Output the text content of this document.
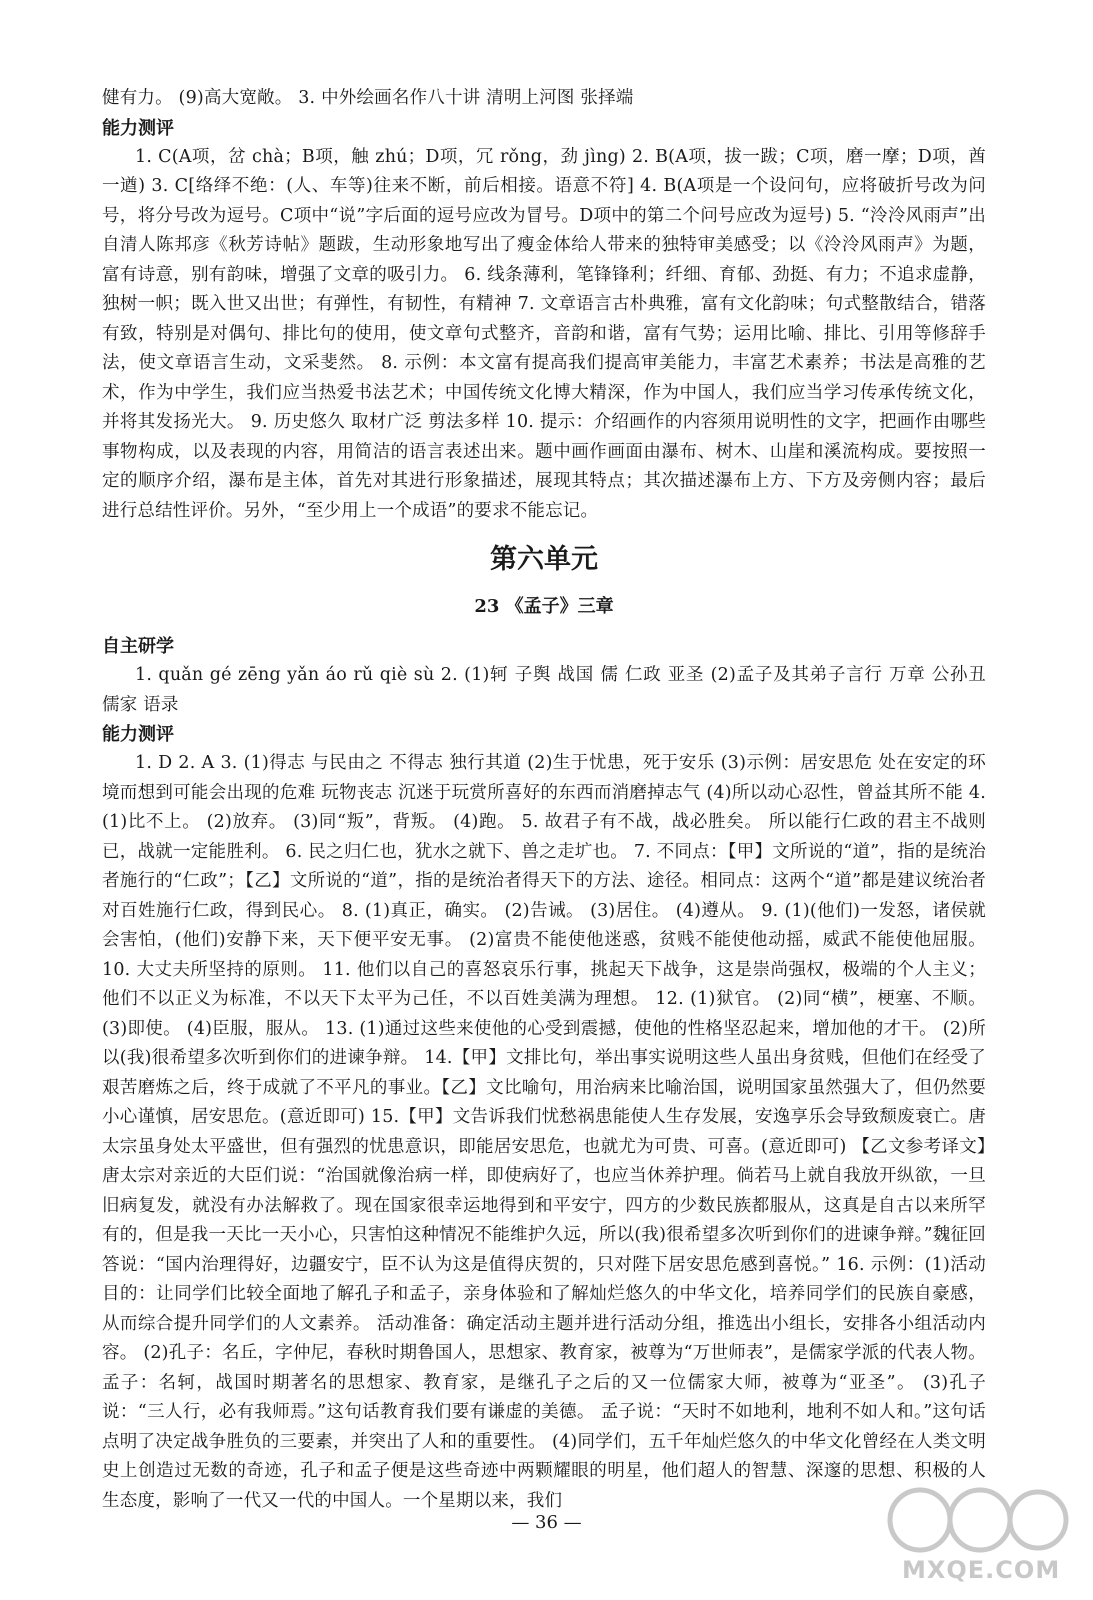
健有力。 (9)高大宽敞。 3. 中外绘画名作八十讲 清明上河图 张择端

能力测评

1. C(A项，岔 chà；B项，触 zhú；D项，冗 rǒng，劲 jìng) 2. B(A项，拔一跋；C项，磨一摩；D项，酋一遒) 3. C[络绎不绝：(人、车等)往来不断，前后相接。语意不符] 4. B(A项是一个设问句，应将破折号改为问号，将分号改为逗号。C项中“说”字后面的逗号应改为冒号。D项中的第二个问号应改为逗号) 5. “泠泠风雨声”出自清人陈邦彦《秋芳诗帖》题跋，生动形象地写出了瘦金体给人带来的独特审美感受；以《泠泠风雨声》为题，富有诗意，别有韵味，增强了文章的吸引力。 6. 线条薄利，笔锋锋利；纤细、育郁、劲挺、有力；不追求虚静，独树一帜；既入世又出世；有弹性，有韧性，有精神 7. 文章语言古朴典雅，富有文化韵味；句式整散结合，错落有致，特别是对偶句、排比句的使用，使文章句式整齐，音韵和谐，富有气势；运用比喻、排比、引用等修辞手法，使文章语言生动，文采斐然。 8. 示例：本文富有提高我们提高审美能力，丰富艺术素养；书法是高雅的艺术，作为中学生，我们应当热爱书法艺术；中国传统文化博大精深，作为中国人，我们应当学习传承传统文化，并将其发扬光大。 9. 历史悠久 取材广泛 剪法多样 10. 提示：介绍画作的内容须用说明性的文字，把画作由哪些事物构成，以及表现的内容，用简洁的语言表述出来。题中画作画面由瀑布、树木、山崖和溪流构成。要按照一定的顺序介绍，瀑布是主体，首先对其进行形象描述，展现其特点；其次描述瀑布上方、下方及旁侧内容；最后进行总结性评价。另外，“至少用上一个成语”的要求不能忘记。

第六单元
23 《孟子》三章

自主研学

1. quǎn gé zēng yǎn áo rǔ qiè sù 2. (1)轲 子舆 战国 儒 仁政 亚圣 (2)孟子及其弟子言行 万章 公孙丑 儒家 语录

能力测评

1. D 2. A 3. (1)得志 与民由之 不得志 独行其道 (2)生于忧患，死于安乐 (3)示例：居安思危 处在安定的环境而想到可能会出现的危难 玩物丧志 沉迷于玩赏所喜好的东西而消磨掉志气 (4)所以动心忍性，曾益其所不能 4. (1)比不上。 (2)放弃。 (3)同“叛”，背叛。 (4)跑。 5. 故君子有不战，战必胜矣。 所以能行仁政的君主不战则已，战就一定能胜利。 6. 民之归仁也，犹水之就下、兽之走圹也。 7. 不同点：【甲】文所说的“道”，指的是统治者施行的“仁政”；【乙】文所说的“道”，指的是统治者得天下的方法、途径。相同点：这两个“道”都是建议统治者对百姓施行仁政，得到民心。 8. (1)真正，确实。 (2)告诫。 (3)居住。 (4)遵从。 9. (1)(他们)一发怒，诸侯就会害怕，(他们)安静下来，天下便平安无事。 (2)富贵不能使他迷惑，贫贱不能使他动摇，威武不能使他屈服。 10. 大丈夫所坚持的原则。 11. 他们以自己的喜怒哀乐行事，挑起天下战争，这是崇尚强权，极端的个人主义；他们不以正义为标准，不以天下太平为己任，不以百姓美满为理想。 12. (1)狱官。 (2)同“横”，梗塞、不顺。 (3)即使。 (4)臣服，服从。 13. (1)通过这些来使他的心受到震撼，使他的性格坚忍起来，增加他的才干。 (2)所以(我)很希望多次听到你们的进谏争辩。 14.【甲】文排比句，举出事实说明这些人虽出身贫贱，但他们在经受了艰苦磨炼之后，终于成就了不平凡的事业。【乙】文比喻句，用治病来比喻治国，说明国家虽然强大了，但仍然要小心谨慎，居安思危。(意近即可) 15.【甲】文告诉我们忧愁祸患能使人生存发展，安逸享乐会导致颓废衰亡。唐太宗虽身处太平盛世，但有强烈的忧患意识，即能居安思危，也就尤为可贵、可喜。(意近即可) 【乙文参考译文】唐太宗对亲近的大臣们说：“治国就像治病一样，即使病好了，也应当休养护理。倘若马上就自我放开纵欲，一旦旧病复发，就没有办法解救了。现在国家很幸运地得到和平安宁，四方的少数民族都服从，这真是自古以来所罕有的，但是我一天比一天小心，只害怕这种情况不能维护久远，所以(我)很希望多次听到你们的进谏争辩。”魏征回答说：“国内治理得好，边疆安宁，臣不认为这是值得庆贺的，只对陛下居安思危感到喜悦。” 16. 示例：(1)活动目的：让同学们比较全面地了解孔子和孟子，亲身体验和了解灿烂悠久的中华文化，培养同学们的民族自豪感，从而综合提升同学们的人文素养。 活动准备：确定活动主题并进行活动分组，推选出小组长，安排各小组活动内容。 (2)孔子：名丘，字仲尼，春秋时期鲁国人，思想家、教育家，被尊为“万世师表”，是儒家学派的代表人物。 孟子：名轲，战国时期著名的思想家、教育家，是继孔子之后的又一位儒家大师，被尊为“亚圣”。 (3)孔子说：“三人行，必有我师焉。”这句话教育我们要有谦虚的美德。 孟子说：“天时不如地利，地利不如人和。”这句话点明了决定战争胜负的三要素，并突出了人和的重要性。 (4)同学们，五千年灿烂悠久的中华文化曾经在人类文明史上创造过无数的奇迹，孔子和孟子便是这些奇迹中两颗耀眼的明星，他们超人的智慧、深邃的思想、积极的人生态度，影响了一代又一代的中国人。一个星期以来，我们

— 36 —
MXQE.COM
